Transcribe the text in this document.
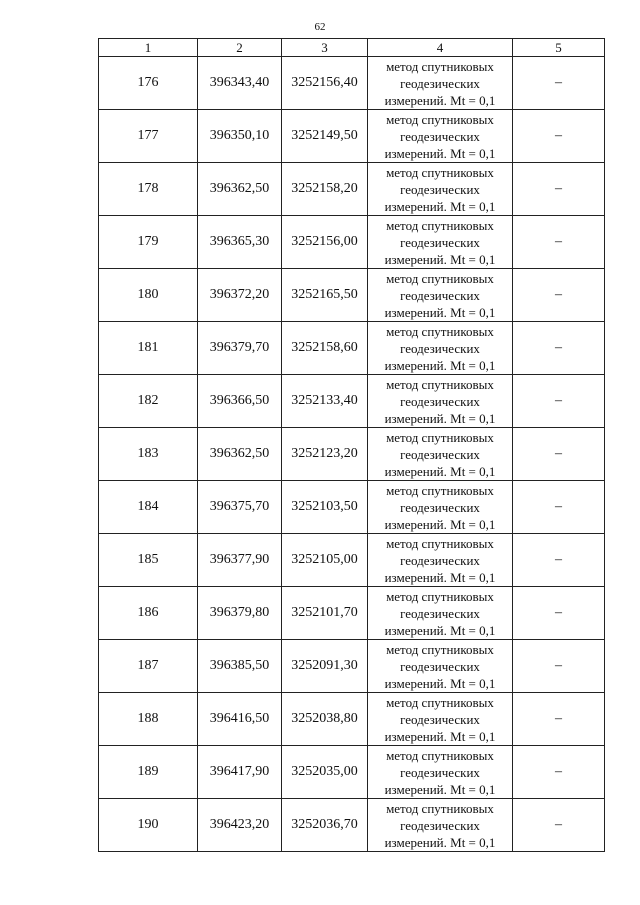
62
1	2	3	4	5
176	396343,40	3252156,40	метод спутниковых
геодезических
измерений. Mt = 0,1	–
177	396350,10	3252149,50	метод спутниковых
геодезических
измерений. Mt = 0,1	–
178	396362,50	3252158,20	метод спутниковых
геодезических
измерений. Mt = 0,1	–
179	396365,30	3252156,00	метод спутниковых
геодезических
измерений. Mt = 0,1	–
180	396372,20	3252165,50	метод спутниковых
геодезических
измерений. Mt = 0,1	–
181	396379,70	3252158,60	метод спутниковых
геодезических
измерений. Mt = 0,1	–
182	396366,50	3252133,40	метод спутниковых
геодезических
измерений. Mt = 0,1	–
183	396362,50	3252123,20	метод спутниковых
геодезических
измерений. Mt = 0,1	–
184	396375,70	3252103,50	метод спутниковых
геодезических
измерений. Mt = 0,1	–
185	396377,90	3252105,00	метод спутниковых
геодезических
измерений. Mt = 0,1	–
186	396379,80	3252101,70	метод спутниковых
геодезических
измерений. Mt = 0,1	–
187	396385,50	3252091,30	метод спутниковых
геодезических
измерений. Mt = 0,1	–
188	396416,50	3252038,80	метод спутниковых
геодезических
измерений. Mt = 0,1	–
189	396417,90	3252035,00	метод спутниковых
геодезических
измерений. Mt = 0,1	–
190	396423,20	3252036,70	метод спутниковых
геодезических
измерений. Mt = 0,1	–
